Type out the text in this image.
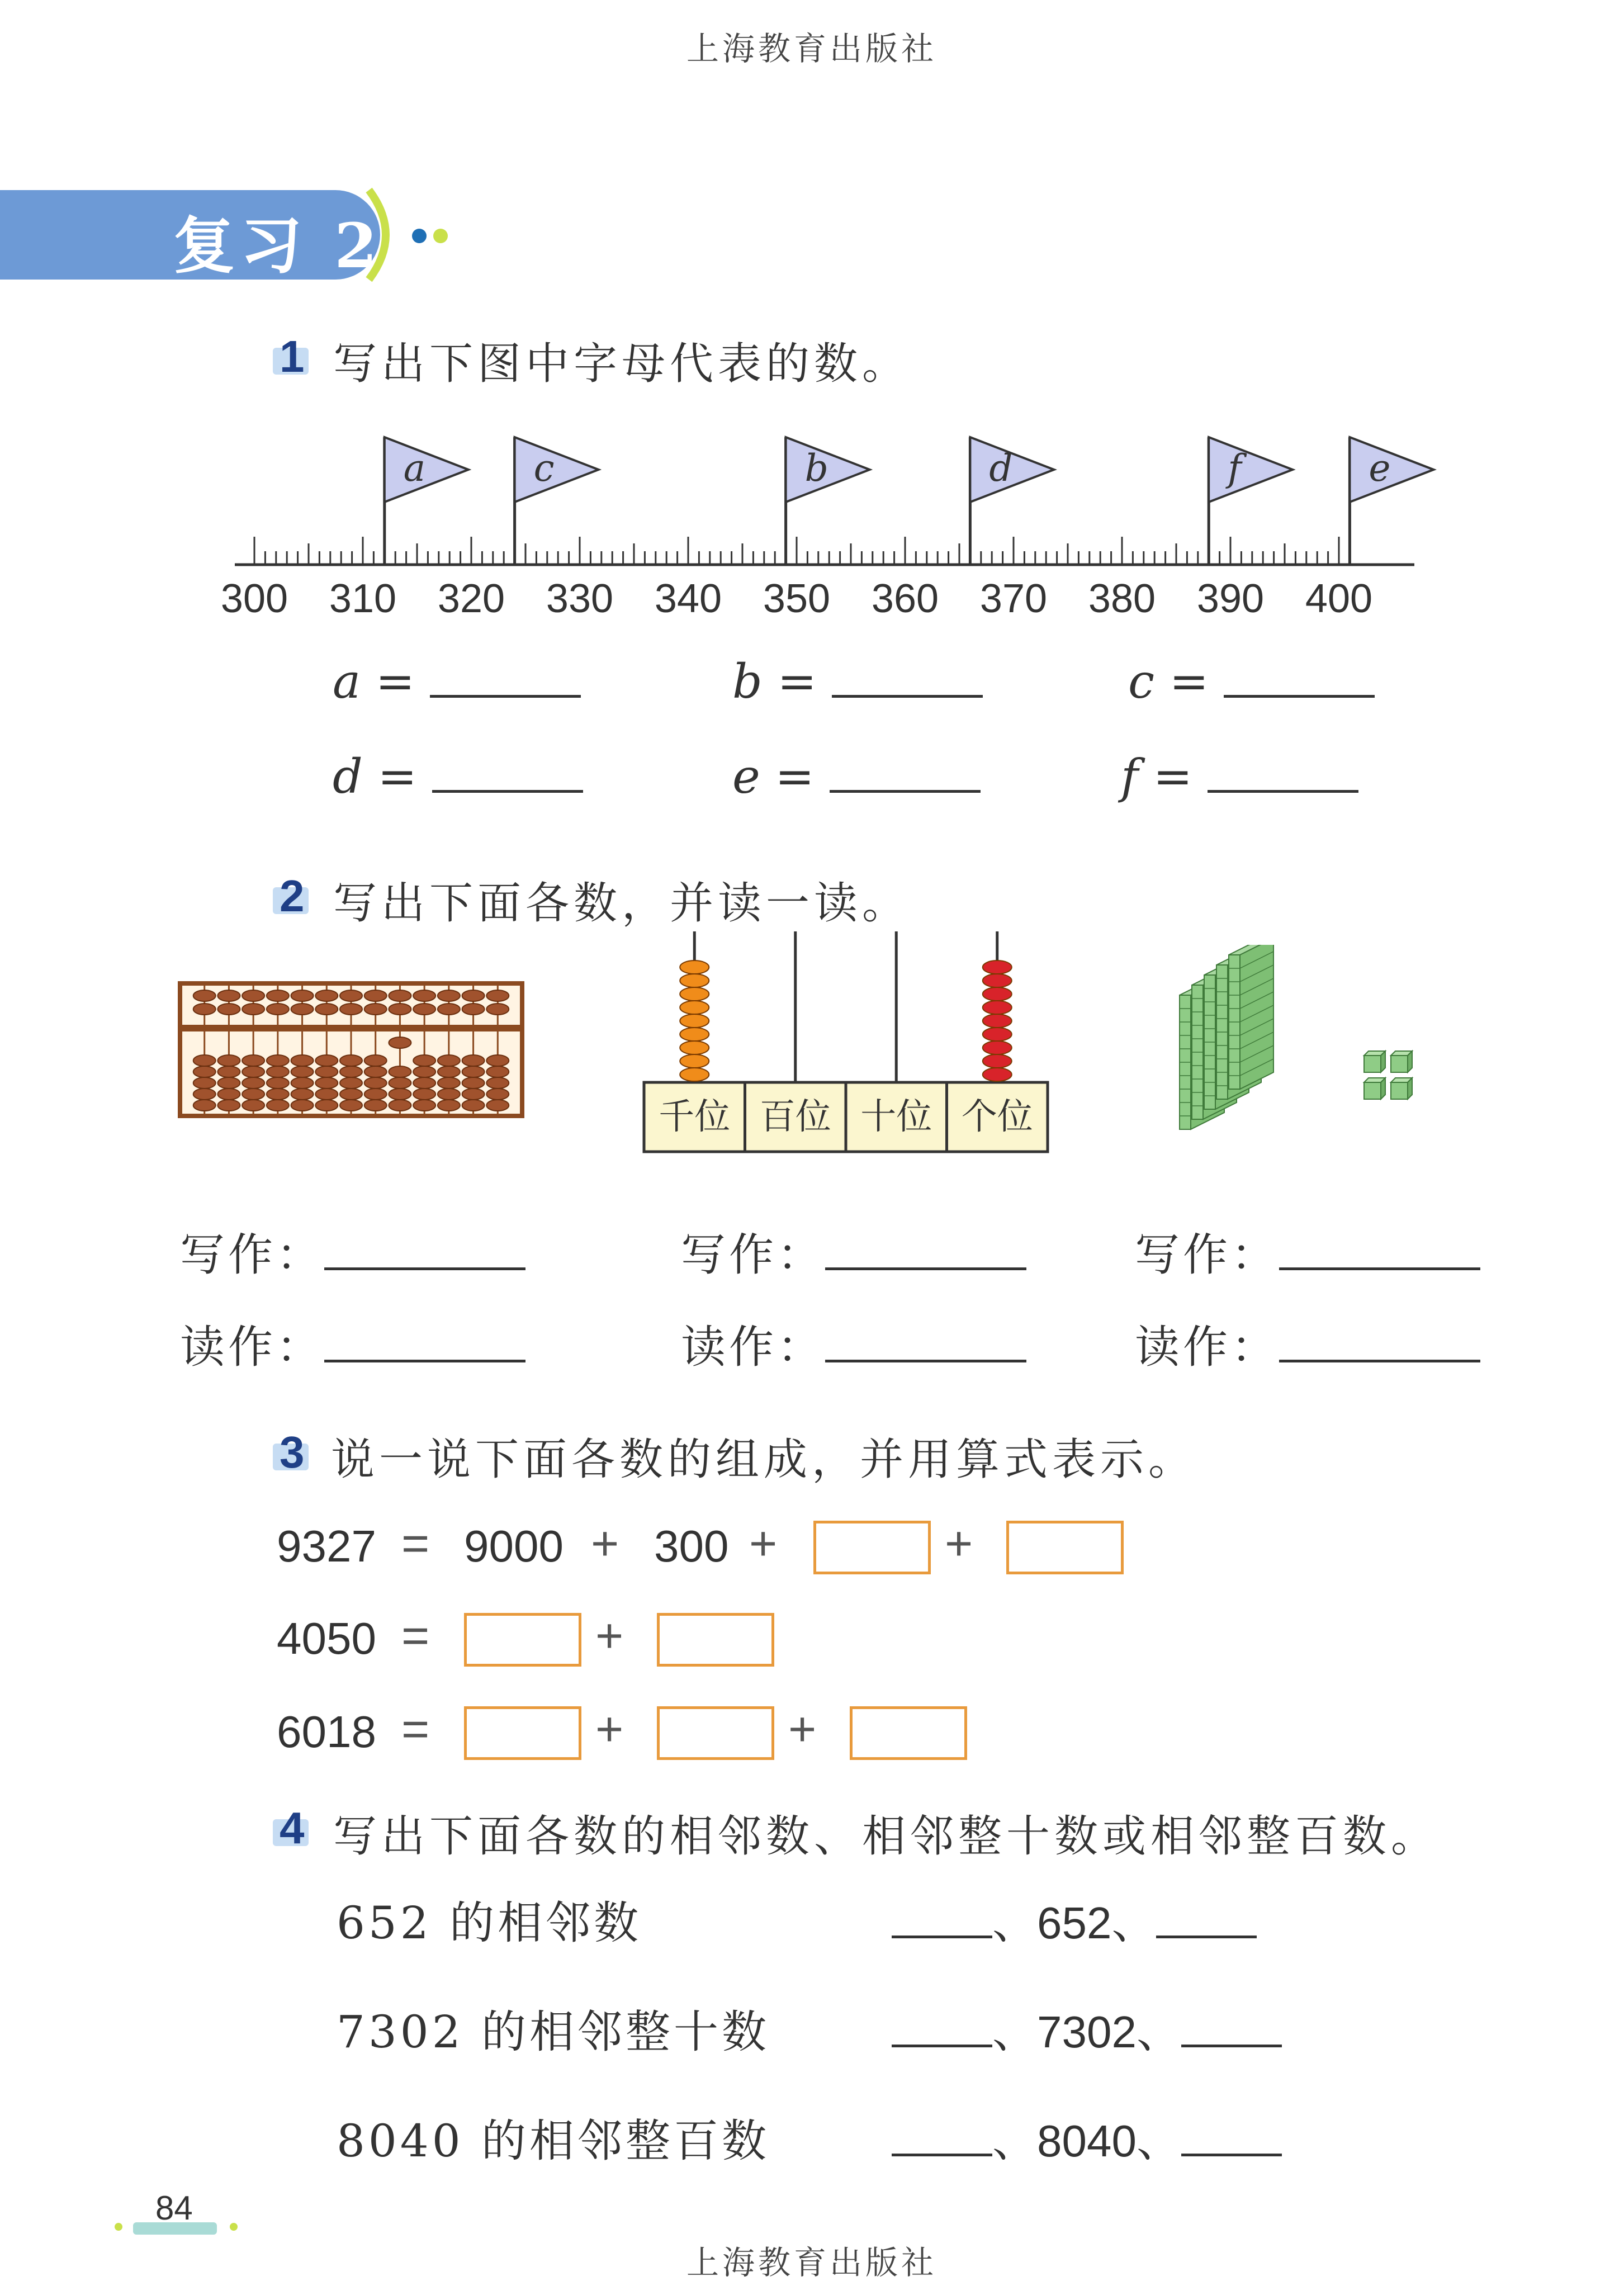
上海教育出版社
复习 2
1 写出下图中字母代表的数。
300 310 320 330 340 350 360 370 380 390 400
a	c	b	d	f	e
a =	b =	c =
d =	e =	f =
2 写出下面各数，并读一读。
千位 百位 十位 个位
写作：	写作：	写作：
读作：	读作：	读作：
3 说一说下面各数的组成，并用算式表示。
9327 = 9000 + 300 +	+
4050 =	+
6018 =	+	+
4 写出下面各数的相邻数、相邻整十数或相邻整百数。
652 的相邻数	、652、
7302 的相邻整十数	、7302、
8040 的相邻整百数	、8040、
84
上海教育出版社
